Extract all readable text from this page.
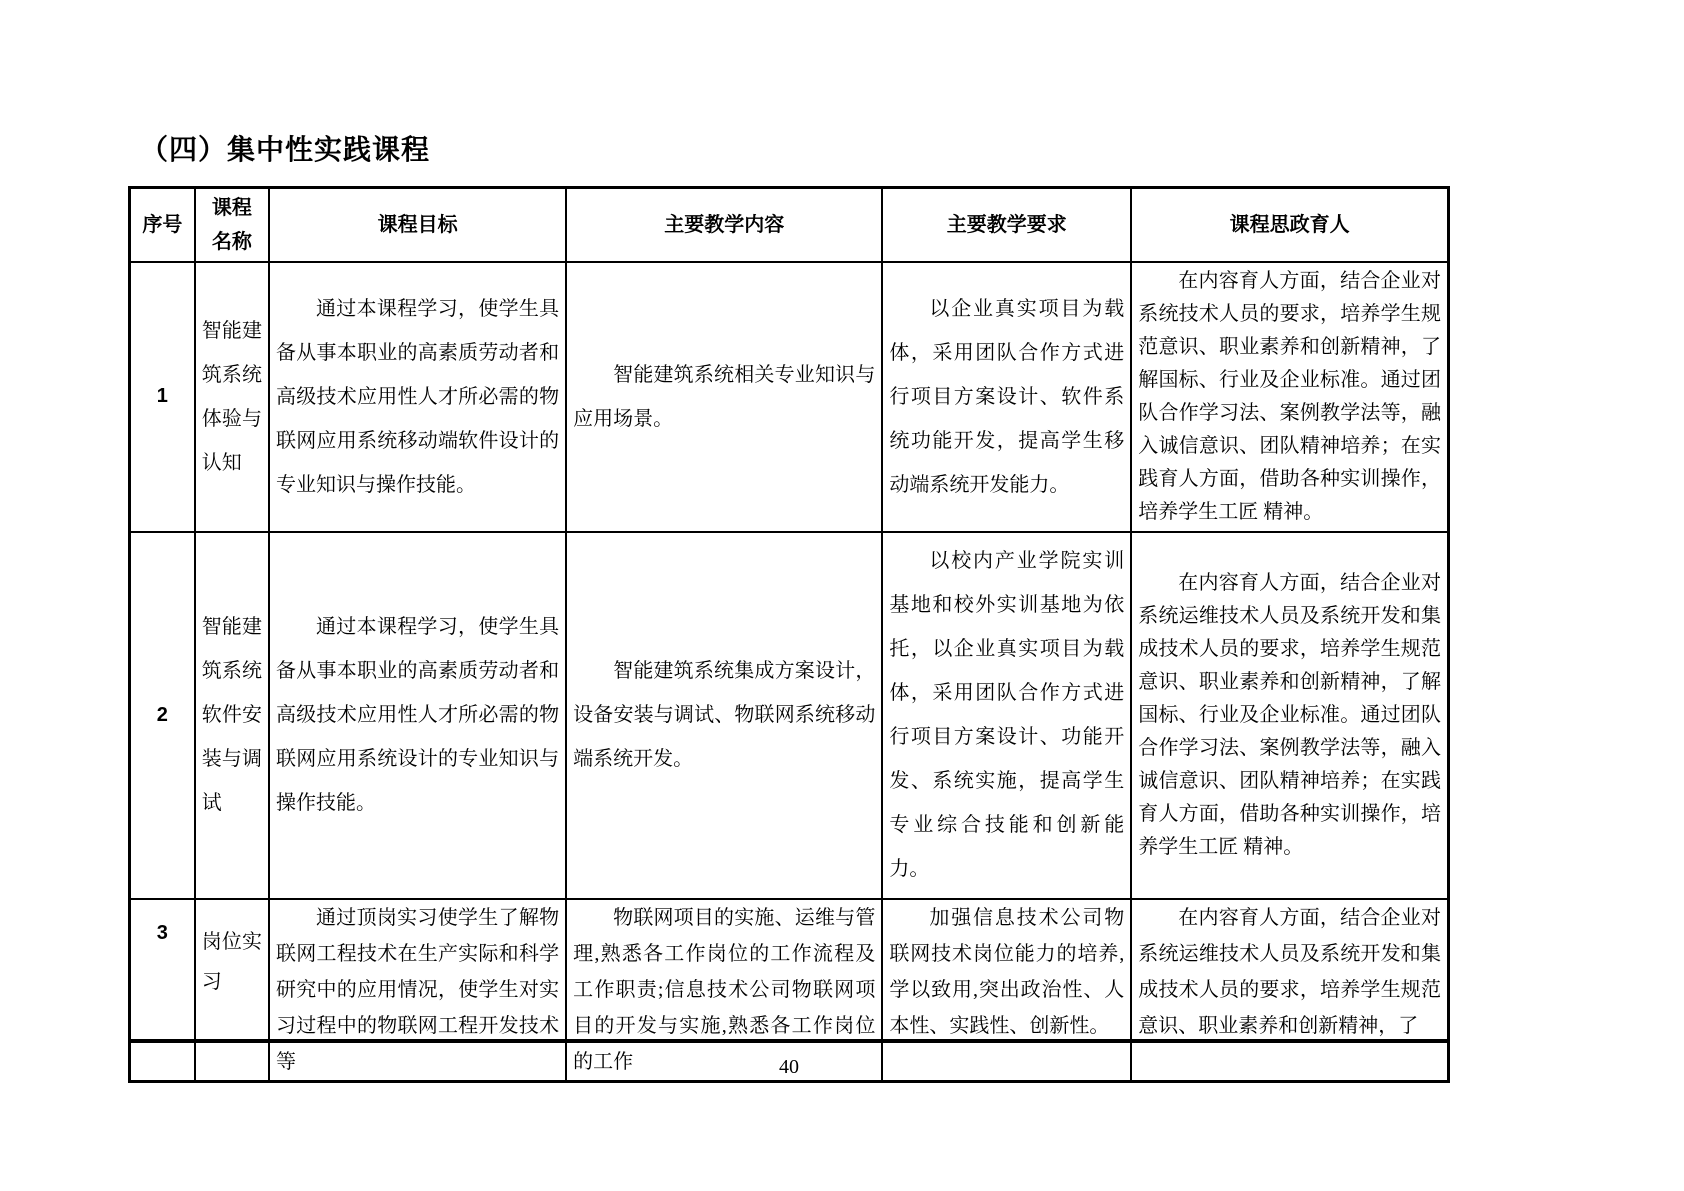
（四）集中性实践课程
序号	课程名称	课程目标	主要教学内容	主要教学要求	课程思政育人
1	智能建筑系统体验与认知	通过本课程学习，使学生具备从事本职业的高素质劳动者和高级技术应用性人才所必需的物联网应用系统移动端软件设计的专业知识与操作技能。	智能建筑系统相关专业知识与应用场景。	以企业真实项目为载体，采用团队合作方式进行项目方案设计、软件系统功能开发，提高学生移动端系统开发能力。	在内容育人方面，结合企业对系统技术人员的要求，培养学生规范意识、职业素养和创新精神，了解国标、行业及企业标准。通过团队合作学习法、案例教学法等，融入诚信意识、团队精神培养；在实践育人方面，借助各种实训操作，培养学生工匠 精神。

2	智能建筑系统软件安装与调试	通过本课程学习，使学生具备从事本职业的高素质劳动者和高级技术应用性人才所必需的物联网应用系统设计的专业知识与操作技能。	智能建筑系统集成方案设计，设备安装与调试、物联网系统移动端系统开发。	以校内产业学院实训基地和校外实训基地为依托，以企业真实项目为载体，采用团队合作方式进行项目方案设计、功能开发、系统实施，提高学生专业综合技能和创新能力。	在内容育人方面，结合企业对系统运维技术人员及系统开发和集成技术人员的要求，培养学生规范意识、职业素养和创新精神，了解国标、行业及企业标准。通过团队合作学习法、案例教学法等，融入诚信意识、团队精神培养；在实践育人方面，借助各种实训操作，培养学生工匠 精神。

3	岗位实习	通过顶岗实习使学生了解物联网工程技术在生产实际和科学研究中的应用情况，使学生对实习过程中的物联网工程开发技术等	物联网项目的实施、运维与管理,熟悉各工作岗位的工作流程及工作职责;信息技术公司物联网项目的开发与实施,熟悉各工作岗位的工作	加强信息技术公司物联网技术岗位能力的培养,学以致用,突出政治性、人本性、实践性、创新性。	在内容育人方面，结合企业对系统运维技术人员及系统开发和集成技术人员的要求，培养学生规范意识、职业素养和创新精神，了

40
